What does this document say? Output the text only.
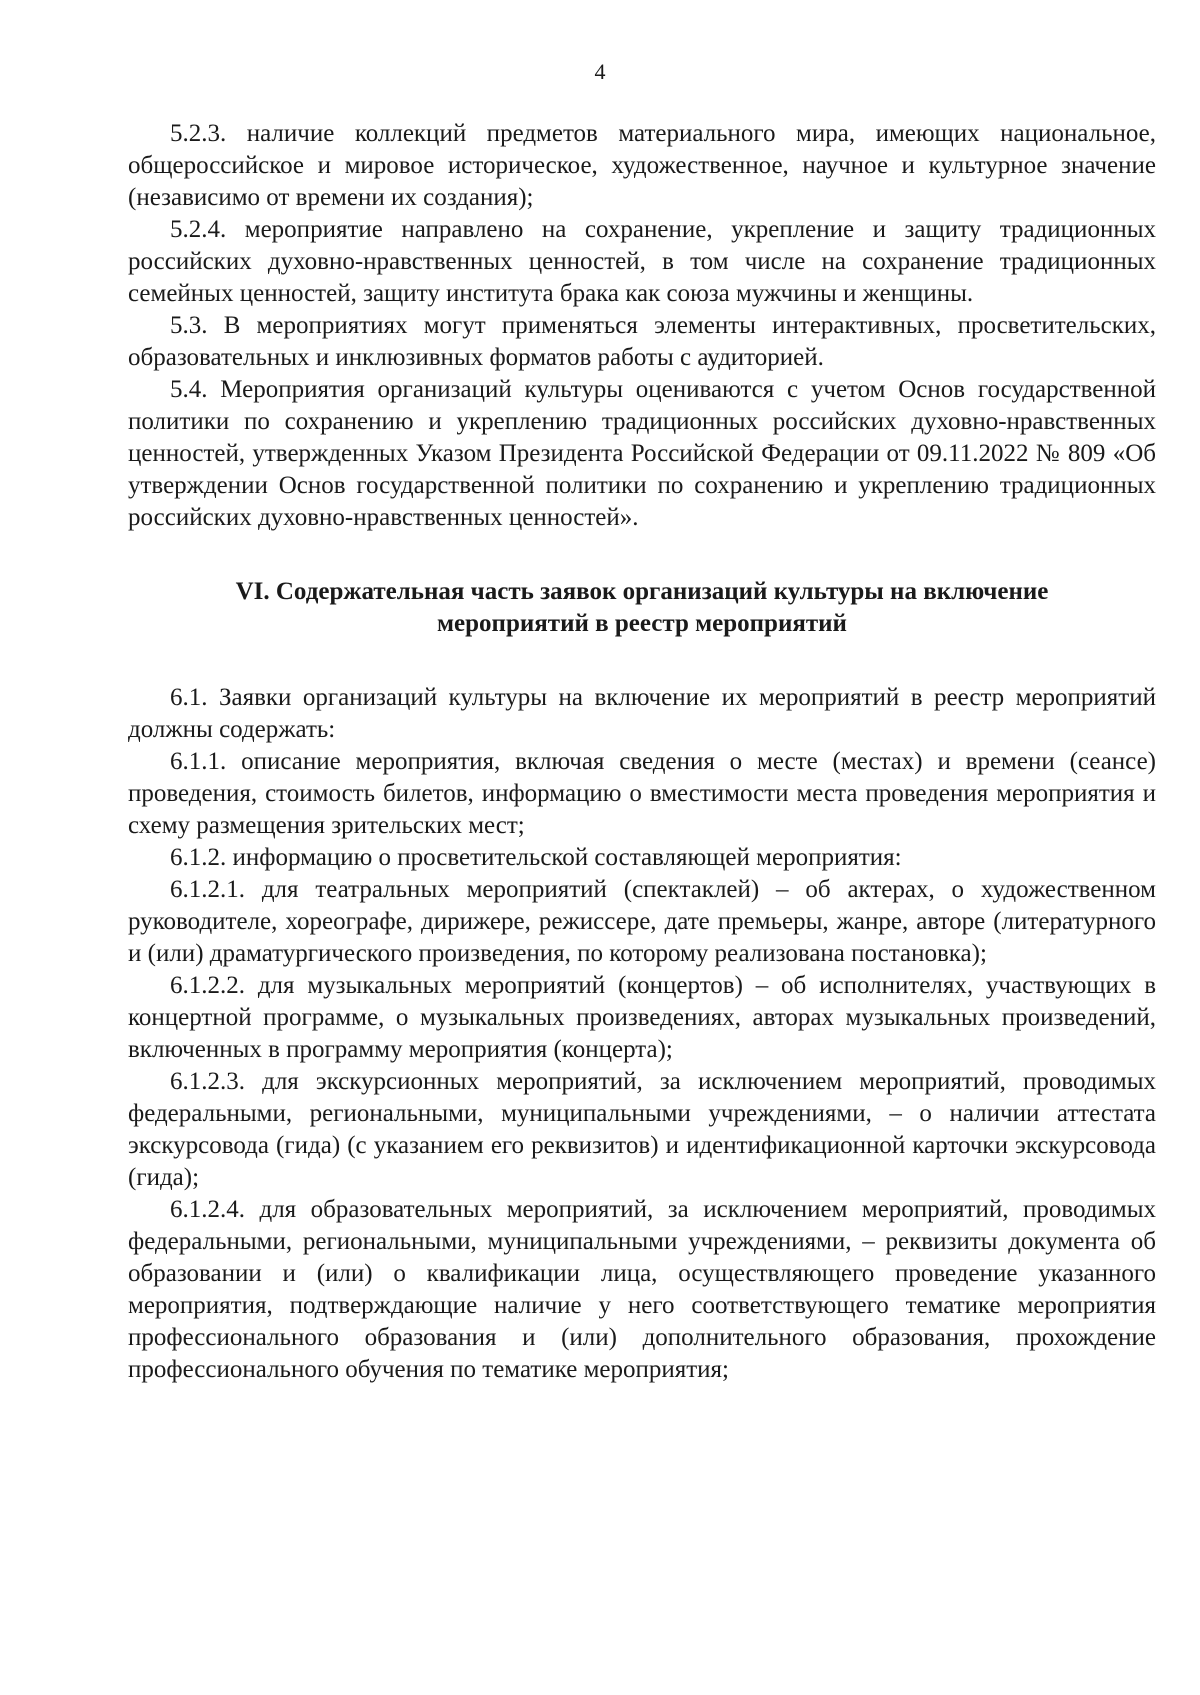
4

5.2.3. наличие коллекций предметов материального мира, имеющих национальное, общероссийское и мировое историческое, художественное, научное и культурное значение (независимо от времени их создания);

5.2.4. мероприятие направлено на сохранение, укрепление и защиту традиционных российских духовно-нравственных ценностей, в том числе на сохранение традиционных семейных ценностей, защиту института брака как союза мужчины и женщины.

5.3. В мероприятиях могут применяться элементы интерактивных, просветительских, образовательных и инклюзивных форматов работы с аудиторией.

5.4. Мероприятия организаций культуры оцениваются с учетом Основ государственной политики по сохранению и укреплению традиционных российских духовно-нравственных ценностей, утвержденных Указом Президента Российской Федерации от 09.11.2022 № 809 «Об утверждении Основ государственной политики по сохранению и укреплению традиционных российских духовно-нравственных ценностей».

VI. Содержательная часть заявок организаций культуры на включение мероприятий в реестр мероприятий

6.1. Заявки организаций культуры на включение их мероприятий в реестр мероприятий должны содержать:

6.1.1. описание мероприятия, включая сведения о месте (местах) и времени (сеансе) проведения, стоимость билетов, информацию о вместимости места проведения мероприятия и схему размещения зрительских мест;

6.1.2. информацию о просветительской составляющей мероприятия:

6.1.2.1. для театральных мероприятий (спектаклей) – об актерах, о художественном руководителе, хореографе, дирижере, режиссере, дате премьеры, жанре, авторе (литературного и (или) драматургического произведения, по которому реализована постановка);

6.1.2.2. для музыкальных мероприятий (концертов) – об исполнителях, участвующих в концертной программе, о музыкальных произведениях, авторах музыкальных произведений, включенных в программу мероприятия (концерта);

6.1.2.3. для экскурсионных мероприятий, за исключением мероприятий, проводимых федеральными, региональными, муниципальными учреждениями, – о наличии аттестата экскурсовода (гида) (с указанием его реквизитов) и идентификационной карточки экскурсовода (гида);

6.1.2.4. для образовательных мероприятий, за исключением мероприятий, проводимых федеральными, региональными, муниципальными учреждениями, – реквизиты документа об образовании и (или) о квалификации лица, осуществляющего проведение указанного мероприятия, подтверждающие наличие у него соответствующего тематике мероприятия профессионального образования и (или) дополнительного образования, прохождение профессионального обучения по тематике мероприятия;
